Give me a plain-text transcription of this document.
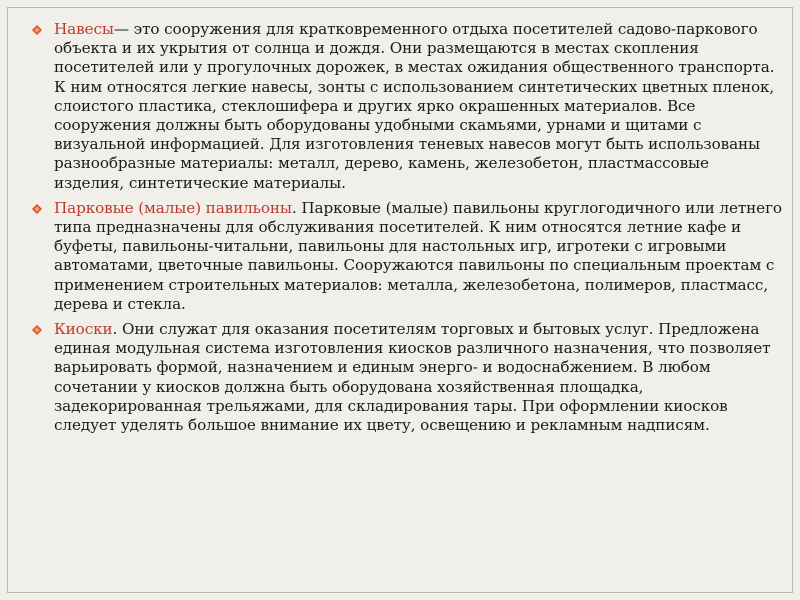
Навесы— это сооружения для кратковременного отдыха посетителей садово-паркового объекта и их укрытия от солнца и дождя. Они размещаются в местах скопления посетителей или у прогулочных дорожек, в местах ожидания общественного транспорта. К ним относятся легкие навесы, зонты с использованием синтетических цветных пленок, слоистого пластика, стеклошифера и других ярко окрашенных материалов. Все сооружения должны быть оборудованы удобными скамьями, урнами и щитами с визуальной информацией. Для изготовления теневых навесов могут быть использованы разнообразные материалы: металл, дерево, камень, железобетон, пластмассовые изделия, синтетические материалы.

Парковые (малые) павильоны. Парковые (малые) павильоны круглогодичного или летнего типа предназначены для обслуживания посетителей. К ним относятся летние кафе и буфеты, павильоны-читальни, павильоны для настольных игр, игротеки с игровыми автоматами, цветочные павильоны. Сооружаются павильоны по специальным проектам с применением строительных материалов: металла, железобетона, полимеров, пластмасс, дерева и стекла.

Киоски. Они служат для оказания посетителям торговых и бытовых услуг. Предложена единая модульная система изготовления киосков различного назначения, что позволяет варьировать формой, назначением и единым энерго- и водоснабжением. В любом сочетании у киосков должна быть оборудована хозяйственная площадка, задекорированная трельяжами, для складирования тары. При оформлении киосков следует уделять большое внимание их цвету, освещению и рекламным надписям.
